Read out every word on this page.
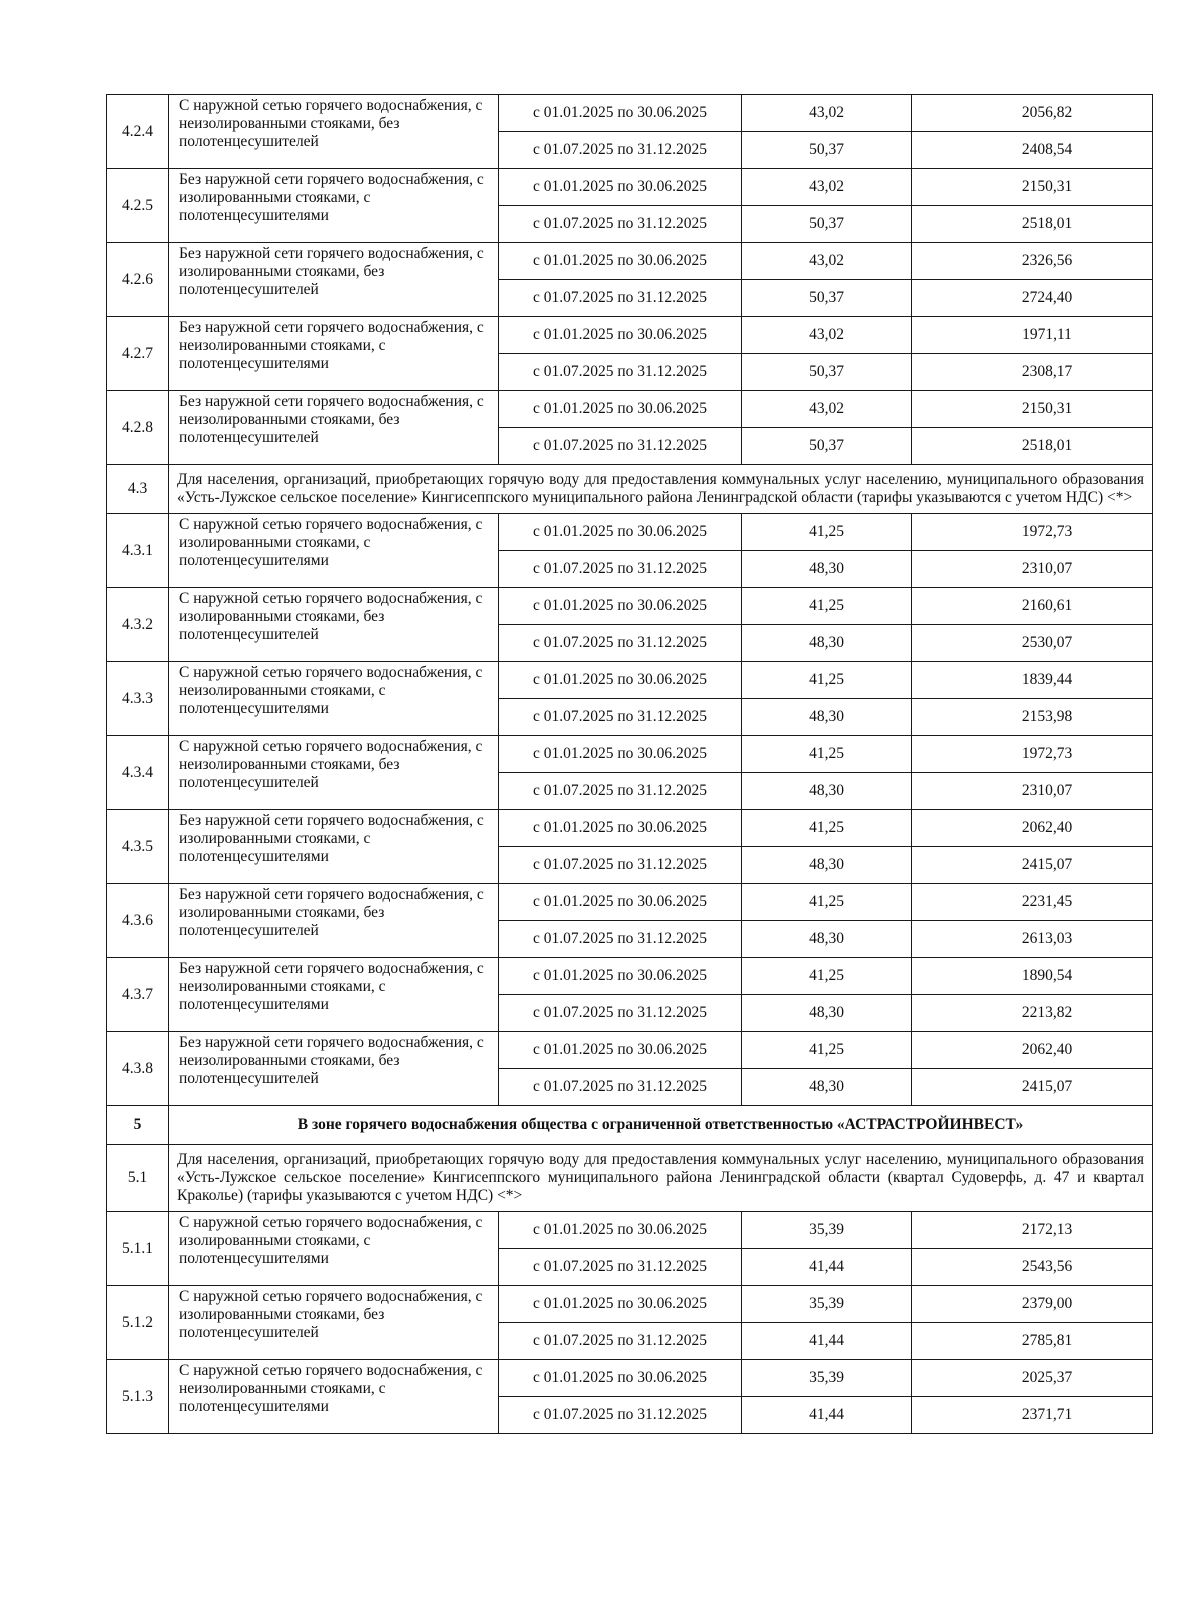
4.2.4	С наружной сетью горячего водоснабжения, с неизолированными стояками, без полотенцесушителей	с 01.01.2025 по 30.06.2025	43,02	2056,82
		с 01.07.2025 по 31.12.2025	50,37	2408,54
4.2.5	Без наружной сети горячего водоснабжения, с изолированными стояками, с полотенцесушителями	с 01.01.2025 по 30.06.2025	43,02	2150,31
		с 01.07.2025 по 31.12.2025	50,37	2518,01
4.2.6	Без наружной сети горячего водоснабжения, с изолированными стояками, без полотенцесушителей	с 01.01.2025 по 30.06.2025	43,02	2326,56
		с 01.07.2025 по 31.12.2025	50,37	2724,40
4.2.7	Без наружной сети горячего водоснабжения, с неизолированными стояками, с полотенцесушителями	с 01.01.2025 по 30.06.2025	43,02	1971,11
		с 01.07.2025 по 31.12.2025	50,37	2308,17
4.2.8	Без наружной сети горячего водоснабжения, с неизолированными стояками, без полотенцесушителей	с 01.01.2025 по 30.06.2025	43,02	2150,31
		с 01.07.2025 по 31.12.2025	50,37	2518,01
4.3	Для населения, организаций, приобретающих горячую воду для предоставления коммунальных услуг населению, муниципального образования «Усть-Лужское сельское поселение» Кингисеппского муниципального района Ленинградской области (тарифы указываются с учетом НДС) <*>			
4.3.1	С наружной сетью горячего водоснабжения, с изолированными стояками, с полотенцесушителями	с 01.01.2025 по 30.06.2025	41,25	1972,73
		с 01.07.2025 по 31.12.2025	48,30	2310,07
4.3.2	С наружной сетью горячего водоснабжения, с изолированными стояками, без полотенцесушителей	с 01.01.2025 по 30.06.2025	41,25	2160,61
		с 01.07.2025 по 31.12.2025	48,30	2530,07
4.3.3	С наружной сетью горячего водоснабжения, с неизолированными стояками, с полотенцесушителями	с 01.01.2025 по 30.06.2025	41,25	1839,44
		с 01.07.2025 по 31.12.2025	48,30	2153,98
4.3.4	С наружной сетью горячего водоснабжения, с неизолированными стояками, без полотенцесушителей	с 01.01.2025 по 30.06.2025	41,25	1972,73
		с 01.07.2025 по 31.12.2025	48,30	2310,07
4.3.5	Без наружной сети горячего водоснабжения, с изолированными стояками, с полотенцесушителями	с 01.01.2025 по 30.06.2025	41,25	2062,40
		с 01.07.2025 по 31.12.2025	48,30	2415,07
4.3.6	Без наружной сети горячего водоснабжения, с изолированными стояками, без полотенцесушителей	с 01.01.2025 по 30.06.2025	41,25	2231,45
		с 01.07.2025 по 31.12.2025	48,30	2613,03
4.3.7	Без наружной сети горячего водоснабжения, с неизолированными стояками, с полотенцесушителями	с 01.01.2025 по 30.06.2025	41,25	1890,54
		с 01.07.2025 по 31.12.2025	48,30	2213,82
4.3.8	Без наружной сети горячего водоснабжения, с неизолированными стояками, без полотенцесушителей	с 01.01.2025 по 30.06.2025	41,25	2062,40
		с 01.07.2025 по 31.12.2025	48,30	2415,07
5	В зоне горячего водоснабжения общества с ограниченной ответственностью «АСТРАСТРОЙИНВЕСТ»			
5.1	Для населения, организаций, приобретающих горячую воду для предоставления коммунальных услуг населению, муниципального образования «Усть-Лужское сельское поселение» Кингисеппского муниципального района Ленинградской области (квартал Судоверфь, д. 47 и квартал Краколье) (тарифы указываются с учетом НДС) <*>			
5.1.1	С наружной сетью горячего водоснабжения, с изолированными стояками, с полотенцесушителями	с 01.01.2025 по 30.06.2025	35,39	2172,13
		с 01.07.2025 по 31.12.2025	41,44	2543,56
5.1.2	С наружной сетью горячего водоснабжения, с изолированными стояками, без полотенцесушителей	с 01.01.2025 по 30.06.2025	35,39	2379,00
		с 01.07.2025 по 31.12.2025	41,44	2785,81
5.1.3	С наружной сетью горячего водоснабжения, с неизолированными стояками, с полотенцесушителями	с 01.01.2025 по 30.06.2025	35,39	2025,37
		с 01.07.2025 по 31.12.2025	41,44	2371,71
